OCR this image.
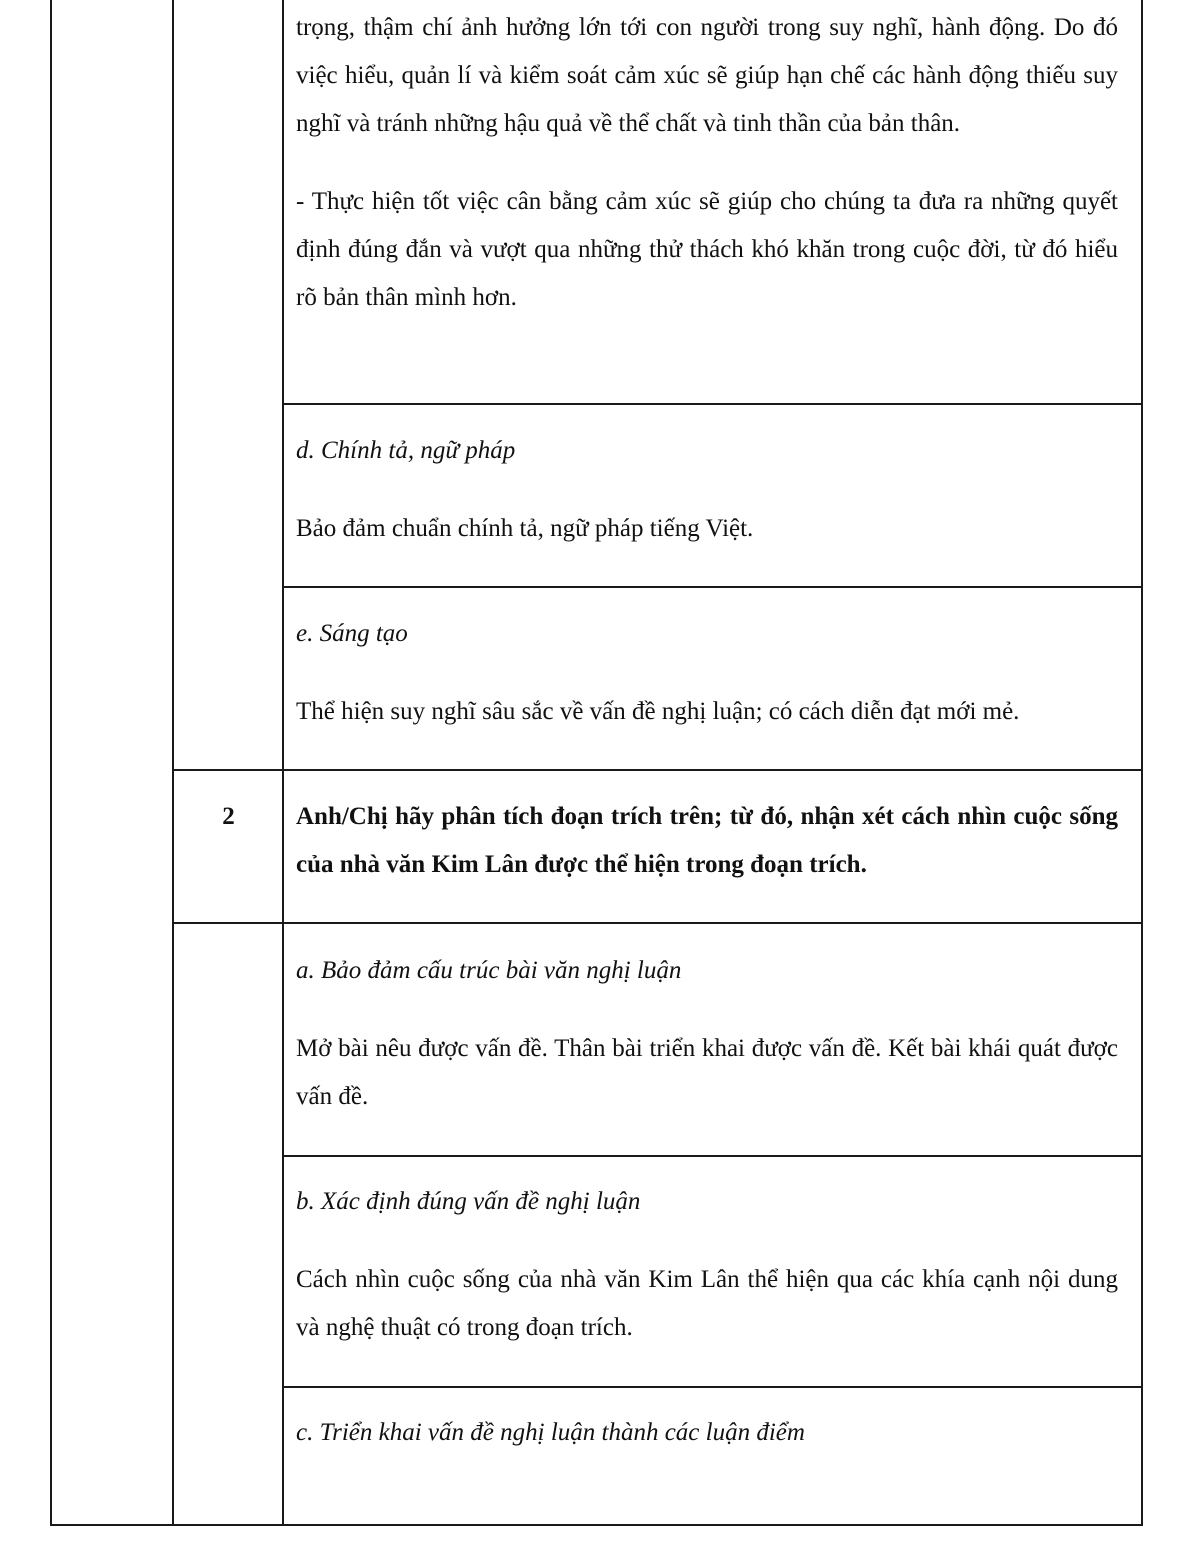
trọng, thậm chí ảnh hưởng lớn tới con người trong suy nghĩ, hành động. Do đó việc hiểu, quản lí và kiểm soát cảm xúc sẽ giúp hạn chế các hành động thiếu suy nghĩ và tránh những hậu quả về thể chất và tinh thần của bản thân.

- Thực hiện tốt việc cân bằng cảm xúc sẽ giúp cho chúng ta đưa ra những quyết định đúng đắn và vượt qua những thử thách khó khăn trong cuộc đời, từ đó hiểu rõ bản thân mình hơn.

d. Chính tả, ngữ pháp

Bảo đảm chuẩn chính tả, ngữ pháp tiếng Việt.

e. Sáng tạo

Thể hiện suy nghĩ sâu sắc về vấn đề nghị luận; có cách diễn đạt mới mẻ.

2	Anh/Chị hãy phân tích đoạn trích trên; từ đó, nhận xét cách nhìn cuộc sống của nhà văn Kim Lân được thể hiện trong đoạn trích.

a. Bảo đảm cấu trúc bài văn nghị luận

Mở bài nêu được vấn đề. Thân bài triển khai được vấn đề. Kết bài khái quát được vấn đề.

b. Xác định đúng vấn đề nghị luận

Cách nhìn cuộc sống của nhà văn Kim Lân thể hiện qua các khía cạnh nội dung và nghệ thuật có trong đoạn trích.

c. Triển khai vấn đề nghị luận thành các luận điểm
